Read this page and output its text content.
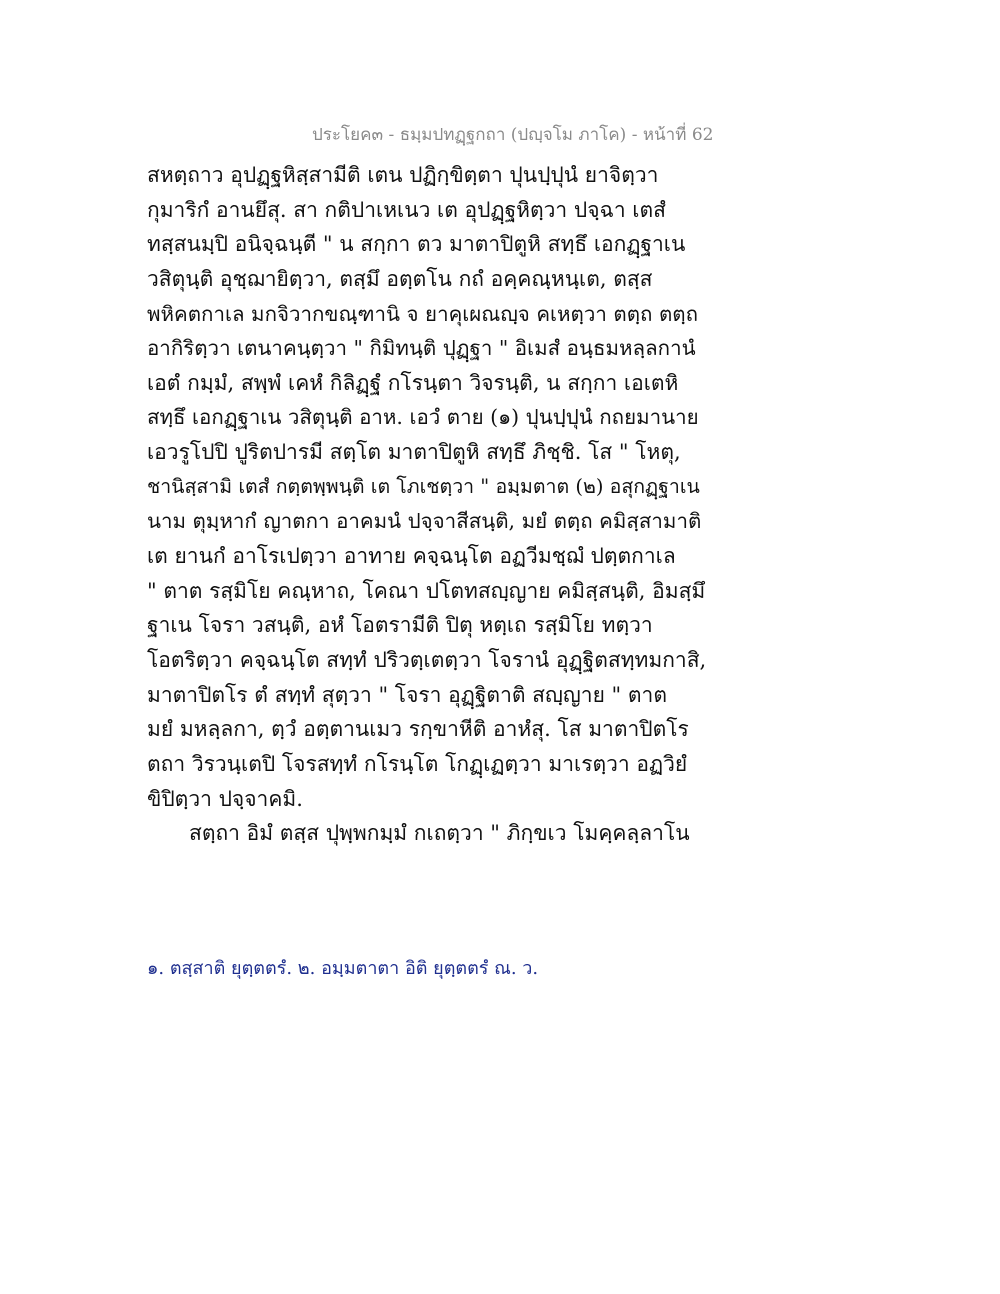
ประโยค๓ - ธมฺมปทฏฺฐกถา (ปญฺจโม ภาโค) - หน้าที่ 62
สหตฺถาว อุปฏฺฐหิสฺสามีติ เตน ปฏิกฺขิตฺตา ปุนปฺปุนํ ยาจิตฺวา
กุมาริกํ อานยึสุ. สา กติปาเหเนว เต อุปฏฺฐหิตฺวา ปจฺฉา เตสํ
ทสฺสนมฺปิ อนิจฺฉนฺตี " น สกฺกา ตว มาตาปิตูหิ สทฺธึ เอกฏฺฐาเน
วสิตุนฺติ อุชฺฌายิตฺวา, ตสฺมึ อตฺตโน กถํ อคฺคณฺหนฺเต, ตสฺส
พหิคตกาเล มกจิวากขณฺฑานิ จ ยาคุเผณญฺจ คเหตฺวา ตตฺถ ตตฺถ
อากิริตฺวา เตนาคนฺตฺวา " กิมิทนฺติ ปุฏฺฐา " อิเมสํ อนฺธมหลฺลกานํ
เอตํ กมฺมํ, สพฺพํ เคหํ กิลิฏฺฐํ กโรนฺตา วิจรนฺติ, น สกฺกา เอเตหิ
สทฺธึ เอกฏฺฐาเน วสิตุนฺติ อาห. เอวํ ตาย (๑) ปุนปฺปุนํ กถยมานาย
เอวรูโปปิ ปูริตปารมี สตฺโต มาตาปิตูหิ สทฺธึ ภิชฺชิ. โส " โหตุ,
ชานิสฺสามิ เตสํ กตฺตพฺพนฺติ เต โภเชตฺวา " อมฺมตาต (๒) อสุกฏฺฐาเน
นาม ตุมฺหากํ ญาตกา อาคมนํ ปจฺจาสีสนฺติ, มยํ ตตฺถ คมิสฺสามาติ
เต ยานกํ อาโรเปตฺวา อาทาย คจฺฉนฺโต อฏวีมชฺฌํ ปตฺตกาเล
" ตาต รสฺมิโย คณฺหาถ, โคณา ปโตทสญฺญาย คมิสฺสนฺติ, อิมสฺมึ
ฐาเน โจรา วสนฺติ, อหํ โอตรามีติ ปิตุ หตฺเถ รสฺมิโย ทตฺวา
โอตริตฺวา คจฺฉนฺโต สทฺทํ ปริวตฺเตตฺวา โจรานํ อุฏฺฐิตสทฺทมกาสิ,
มาตาปิตโร ตํ สทฺทํ สุตฺวา " โจรา อุฏฺฐิตาติ สญฺญาย " ตาต
มยํ มหลฺลกา, ตฺวํ อตฺตานเมว รกฺขาหีติ อาหํสุ. โส มาตาปิตโร
ตถา วิรวนฺเตปิ โจรสทฺทํ กโรนฺโต โกฏฺเฏตฺวา มาเรตฺวา อฏวิยํ
ขิปิตฺวา ปจฺจาคมิ.
สตฺถา อิมํ ตสฺส ปุพฺพกมฺมํ กเถตฺวา " ภิกฺขเว โมคฺคลฺลาโน
๑. ตสฺสาติ ยุตฺตตรํ. ๒. อมฺมตาตา อิติ ยุตฺตตรํ ณ. ว.
